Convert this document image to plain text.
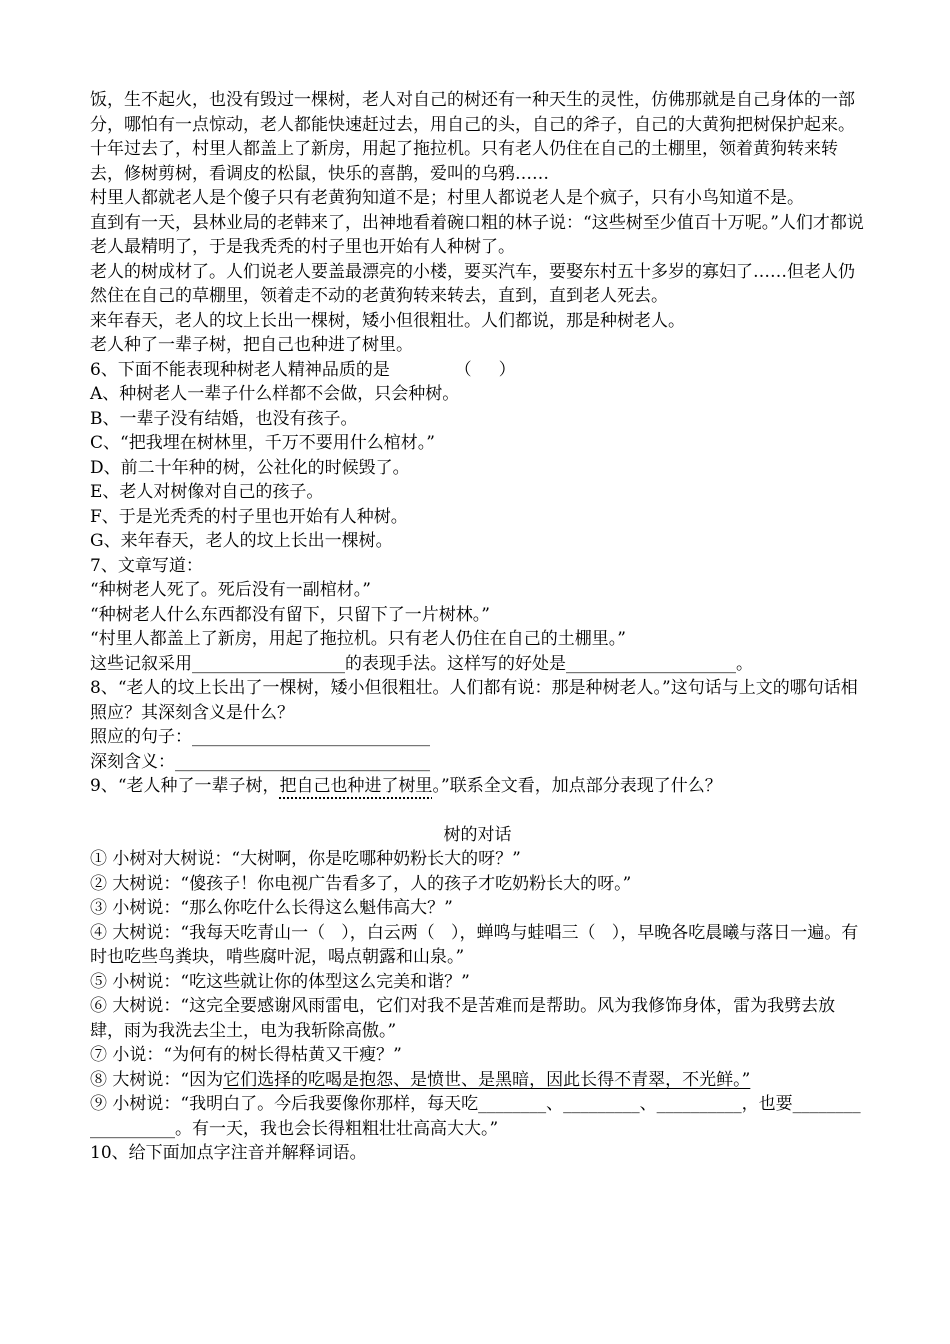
饭，生不起火，也没有毁过一棵树，老人对自己的树还有一种天生的灵性，仿佛那就是自己身体的一部分，哪怕有一点惊动，老人都能快速赶过去，用自己的头，自己的斧子，自己的大黄狗把树保护起来。
十年过去了，村里人都盖上了新房，用起了拖拉机。只有老人仍住在自己的土棚里，领着黄狗转来转去，修树剪树，看调皮的松鼠，快乐的喜鹊，爱叫的乌鸦……
村里人都就老人是个傻子只有老黄狗知道不是；村里人都说老人是个疯子，只有小鸟知道不是。
直到有一天，县林业局的老韩来了，出神地看着碗口粗的林子说：“这些树至少值百十万呢。”人们才都说老人最精明了，于是我秃秃的村子里也开始有人种树了。
老人的树成材了。人们说老人要盖最漂亮的小楼，要买汽车，要娶东村五十多岁的寡妇了……但老人仍然住在自己的草棚里，领着走不动的老黄狗转来转去，直到，直到老人死去。
来年春天，老人的坟上长出一棵树，矮小但很粗壮。人们都说，那是种树老人。
老人种了一辈子树，把自己也种进了树里。
6、下面不能表现种树老人精神品质的是            （     ）
A、种树老人一辈子什么样都不会做，只会种树。
B、一辈子没有结婚，也没有孩子。
C、“把我埋在树林里，千万不要用什么棺材。”
D、前二十年种的树，公社化的时候毁了。
E、老人对树像对自己的孩子。
F、于是光秃秃的村子里也开始有人种树。
G、来年春天，老人的坟上长出一棵树。
7、文章写道：
“种树老人死了。死后没有一副棺材。”
“种树老人什么东西都没有留下，只留下了一片树林。”
“村里人都盖上了新房，用起了拖拉机。只有老人仍住在自己的土棚里。”
这些记叙采用__________________的表现手法。这样写的好处是____________________。
8、“老人的坟上长出了一棵树，矮小但很粗壮。人们都有说：那是种树老人。”这句话与上文的哪句话相照应？其深刻含义是什么？
照应的句子：____________________________
深刻含义：______________________________
9、“老人种了一辈子树，把自己也种进了树里。”联系全文看，加点部分表现了什么？
树的对话
① 小树对大树说：“大树啊，你是吃哪种奶粉长大的呀？”
② 大树说：“傻孩子！你电视广告看多了，人的孩子才吃奶粉长大的呀。”
③ 小树说：“那么你吃什么长得这么魁伟高大？”
④ 大树说：“我每天吃青山一（   ），白云两（   ），蝉鸣与蛙唱三（   ），早晚各吃晨曦与落日一遍。有时也吃些鸟粪块，啃些腐叶泥，喝点朝露和山泉。”
⑤ 小树说：“吃这些就让你的体型这么完美和谐？”
⑥ 大树说：“这完全要感谢风雨雷电，它们对我不是苦难而是帮助。风为我修饰身体，雷为我劈去放肆，雨为我洗去尘土，电为我斩除高傲。”
⑦ 小说：“为何有的树长得枯黄又干瘦？”
⑧ 大树说：“因为它们选择的吃喝是抱怨、是愤世、是黑暗，因此长得不青翠，不光鲜。”
⑨ 小树说：“我明白了。今后我要像你那样，每天吃________、_________、__________，也要__________________。有一天，我也会长得粗粗壮壮高高大大。”
10、给下面加点字注音并解释词语。
